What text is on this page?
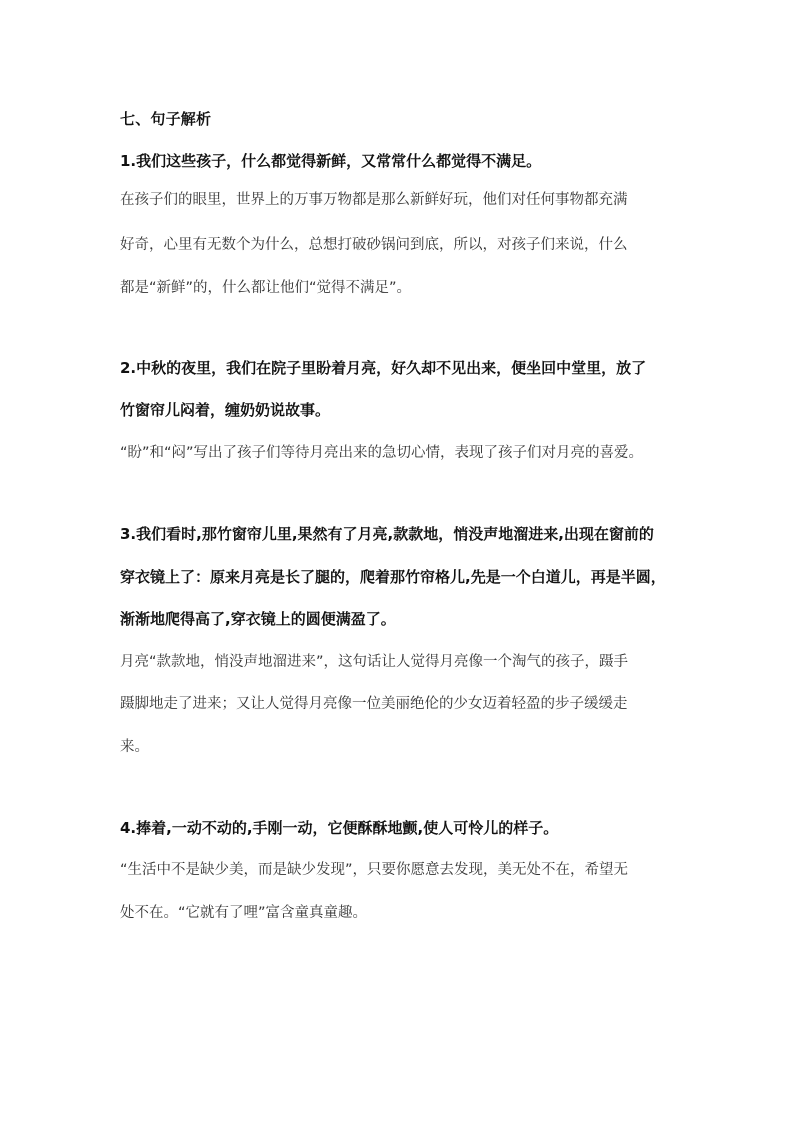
七、句子解析
1.我们这些孩子，什么都觉得新鲜，又常常什么都觉得不满足。
在孩子们的眼里，世界上的万事万物都是那么新鲜好玩，他们对任何事物都充满
好奇，心里有无数个为什么，总想打破砂锅问到底，所以，对孩子们来说，什么
都是“新鲜”的，什么都让他们“觉得不满足”。
2.中秋的夜里，我们在院子里盼着月亮，好久却不见出来，便坐回中堂里，放了
竹窗帘儿闷着，缠奶奶说故事。
“盼”和“闷”写出了孩子们等待月亮出来的急切心情，表现了孩子们对月亮的喜爱。
3.我们看时,那竹窗帘儿里,果然有了月亮,款款地，悄没声地溜进来,出现在窗前的
穿衣镜上了：原来月亮是长了腿的，爬着那竹帘格儿,先是一个白道儿，再是半圆，
渐渐地爬得高了,穿衣镜上的圆便满盈了。
月亮“款款地，悄没声地溜进来”，这句话让人觉得月亮像一个淘气的孩子，蹑手
蹑脚地走了进来；又让人觉得月亮像一位美丽绝伦的少女迈着轻盈的步子缓缓走
来。
4.捧着,一动不动的,手刚一动，它便酥酥地颤,使人可怜儿的样子。
“生活中不是缺少美，而是缺少发现”，只要你愿意去发现，美无处不在，希望无
处不在。“它就有了哩”富含童真童趣。
